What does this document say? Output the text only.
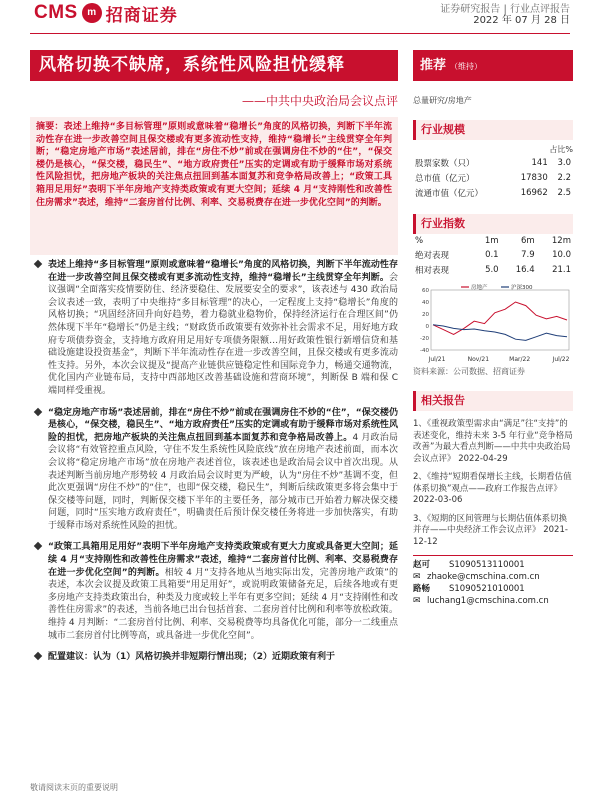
CMS m 招商证券	证券研究报告 | 行业点评报告
2022 年 07 月 28 日
风格切换不缺席，系统性风险担忧缓释
——中共中央政治局会议点评
摘要：表述上维持“多目标管理”原则或意味着“稳增长”角度的风格切换，判断下半年流动性存在进一步改善空间且保交楼或有更多流动性支持，维持“稳增长”主线贯穿全年判断；“稳定房地产市场”表述居前，排在“房住不炒”前或在强调房住不炒的“住”，“保交楼仍是核心，“保交楼，稳民生”、“地方政府责任”压实的定调或有助于缓释市场对系统性风险担忧，把房地产板块的关注焦点扭回到基本面复苏和竞争格局改善上；“政策工具箱用足用好”表明下半年房地产支持类政策或有更大空间；延续 4 月“支持刚性和改善性住房需求”表述，维持“二套房首付比例、利率、交易税费存在进一步优化空间”的判断。
表述上维持“多目标管理”原则或意味着“稳增长”角度的风格切换，判断下半年流动性存在进一步改善空间且保交楼或有更多流动性支持，维持“稳增长”主线贯穿全年判断。会议强调“全面落实疫情要防住、经济要稳住、发展要安全的要求”，该表述与 430 政治局会议表述一致，表明了中央维持“多目标管理”的决心，一定程度上支持“稳增长”角度的风格切换；“巩固经济回升向好趋势，着力稳就业稳物价，保持经济运行在合理区间”仍然体现下半年“稳增长”仍是主线；“财政货币政策要有效弥补社会需求不足，用好地方政府专项债券资金，支持地方政府用足用好专项债务限额…用好政策性银行新增信贷和基础设施建设投资基金”，判断下半年流动性存在进一步改善空间，且保交楼或有更多流动性支持。另外，本次会议提及“提高产业链供应链稳定性和国际竞争力，畅通交通物流，优化国内产业链布局，支持中西部地区改善基础设施和营商环境”，判断保 B 端和保 C 端同样受重视。
“稳定房地产市场”表述居前，排在“房住不炒”前或在强调房住不炒的“住”，“保交楼仍是核心，“保交楼，稳民生”、“地方政府责任”压实的定调或有助于缓释市场对系统性风险的担忧，把房地产板块的关注焦点扭回到基本面复苏和竞争格局改善上。4 月政治局会议将“有效管控重点风险，守住不发生系统性风险底线”放在房地产表述前面，而本次会议将“稳定房地产市场”放在房地产表述首位，该表述也是政治局会议中首次出现。从表述判断当前房地产形势较 4 月政治局会议时更为严峻，认为“房住不炒”基调不变，但此次更强调“房住不炒”的“住”，也即“保交楼，稳民生”，判断后续政策更多将会集中于保交楼等问题，同时，判断保交楼下半年的主要任务，部分城市已开始着力解决保交楼问题，同时“压实地方政府责任”，明确责任后预计保交楼任务将进一步加快落实，有助于缓释市场对系统性风险的担忧。
“政策工具箱用足用好”表明下半年房地产支持类政策或有更大力度或具备更大空间；延续 4 月“支持刚性和改善性住房需求”表述，维持“二套房首付比例、利率、交易税费存在进一步优化空间”的判断。相较 4 月“支持各地从当地实际出发，完善房地产政策”的表述，本次会议提及政策工具箱要“用足用好”，或说明政策储备充足，后续各地或有更多房地产支持类政策出台，种类及力度或较上半年有更多空间；延续 4 月“支持刚性和改善性住房需求”的表述，当前各地已出台包括首套、二套房首付比例和利率等放松政策。维持 4 月判断：“二套房首付比例、利率、交易税费等均具备优化可能，部分一二线重点城市二套房首付比例等高，或具备进一步优化空间”。
配置建议：认为（1）风格切换并非短期行情出现；（2）近期政策有利于
敬请阅读末页的重要说明
推荐 （维持）
总量研究/房地产
行业规模
占比%
股票家数（只）	141	3.0
总市值（亿元）	17830	2.2
流通市值（亿元）	16962	2.5
行业指数
%	1m	6m	12m
绝对表现	0.1	7.9	10.0
相对表现	5.0	16.4	21.1
60
40
20
0
-20
-40
Jul/21	Nov/21	Mar/22	Jul/22
房地产	沪深300
资料来源：公司数据、招商证券
相关报告
1、《重视政策型需求由“满足”往“支持”的表述变化，维持未来 3-5 年行业“竞争格局改善”为最大看点判断——中共中央政治局会议点评》 2022-04-29
2、《维持“短期看保增长主线，长期看估值体系切换”观点——政府工作报告点评》 2022-03-06
3、《短期的区间管理与长期估值体系切换并存——中央经济工作会议点评》 2021-12-12
赵可	S1090513110001
✉ zhaoke@cmschina.com.cn
路畅	S1090521010001
✉ luchang1@cmschina.com.cn
